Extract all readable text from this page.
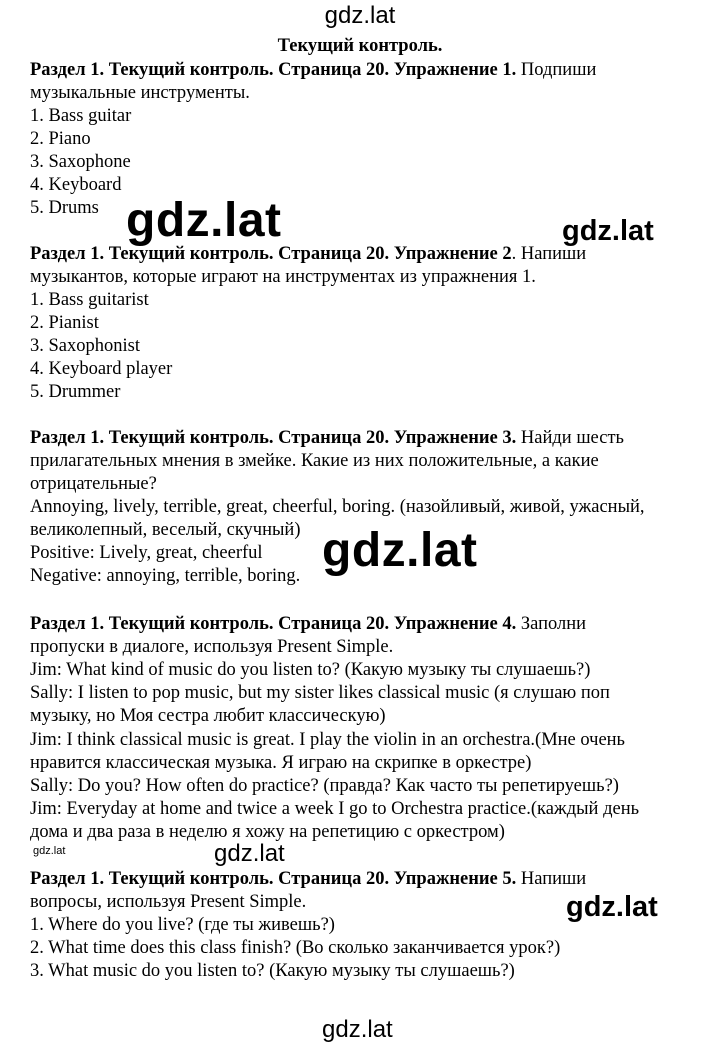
gdz.lat
Текущий контроль.
Раздел 1. Текущий контроль. Страница 20. Упражнение 1. Подпиши
музыкальные инструменты.
1. Bass guitar
2. Piano
3. Saxophone
4. Keyboard
5. Drums gdz.lat	gdz.lat
Раздел 1. Текущий контроль. Страница 20. Упражнение 2. Напиши
музыкантов, которые играют на инструментах из упражнения 1.
1. Bass guitarist
2. Pianist
3. Saxophonist
4. Keyboard player
5. Drummer
Раздел 1. Текущий контроль. Страница 20. Упражнение 3. Найди шесть
прилагательных мнения в змейке. Какие из них положительные, а какие
отрицательные?
Annoying, lively, terrible, great, cheerful, boring. (назойливый, живой, ужасный,
великолепный, веселый, скучный)
Positive: Lively, great, cheerful
Negative: annoying, terrible, boring. gdz.lat
Раздел 1. Текущий контроль. Страница 20. Упражнение 4. Заполни
пропуски в диалоге, используя Present Simple.
Jim: What kind of music do you listen to? (Какую музыку ты слушаешь?)
Sally: I listen to pop music, but my sister likes classical music (я слушаю поп
музыку, но Моя сестра любит классическую)
Jim: I think classical music is great. I play the violin in an orchestra.(Мне очень
нравится классическая музыка. Я играю на скрипке в оркестре)
Sally: Do you? How often do practice? (правда? Как часто ты репетируешь?)
Jim: Everyday at home and twice a week I go to Orchestra practice.(каждый день
дома и два раза в неделю я хожу на репетицию с оркестром)
gdz.lat	gdz.lat
Раздел 1. Текущий контроль. Страница 20. Упражнение 5. Напиши
вопросы, используя Present Simple.
1. Where do you live? (где ты живешь?)
2. What time does this class finish? (Во сколько заканчивается урок?)
3. What music do you listen to? (Какую музыку ты слушаешь?)
gdz.lat
gdz.lat
